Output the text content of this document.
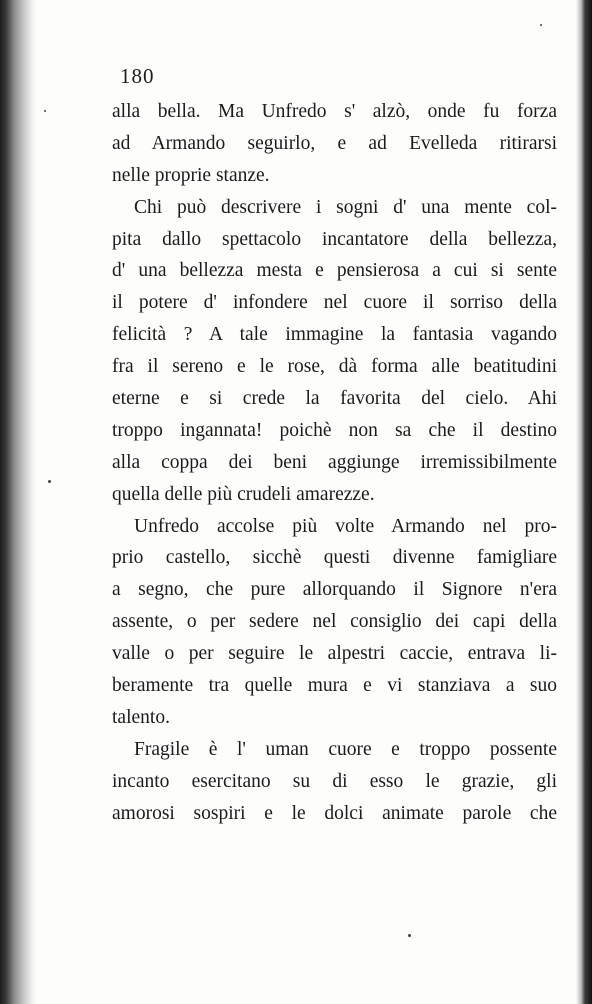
180
alla bella. Ma Unfredo s' alzò, onde fu forza
ad Armando seguirlo, e ad Evelleda ritirarsi
nelle proprie stanze.
Chi può descrivere i sogni d' una mente col-
pita dallo spettacolo incantatore della bellezza,
d' una bellezza mesta e pensierosa a cui si sente
il potere d' infondere nel cuore il sorriso della
felicità ? A tale immagine la fantasia vagando
fra il sereno e le rose, dà forma alle beatitudini
eterne e si crede la favorita del cielo. Ahi
troppo ingannata! poichè non sa che il destino
alla coppa dei beni aggiunge irremissibilmente
quella delle più crudeli amarezze.
Unfredo accolse più volte Armando nel pro-
prio castello, sicchè questi divenne famigliare
a segno, che pure allorquando il Signore n'era
assente, o per sedere nel consiglio dei capi della
valle o per seguire le alpestri caccie, entrava li-
beramente tra quelle mura e vi stanziava a suo
talento.
Fragile è l' uman cuore e troppo possente
incanto esercitano su di esso le grazie, gli
amorosi sospiri e le dolci animate parole che
